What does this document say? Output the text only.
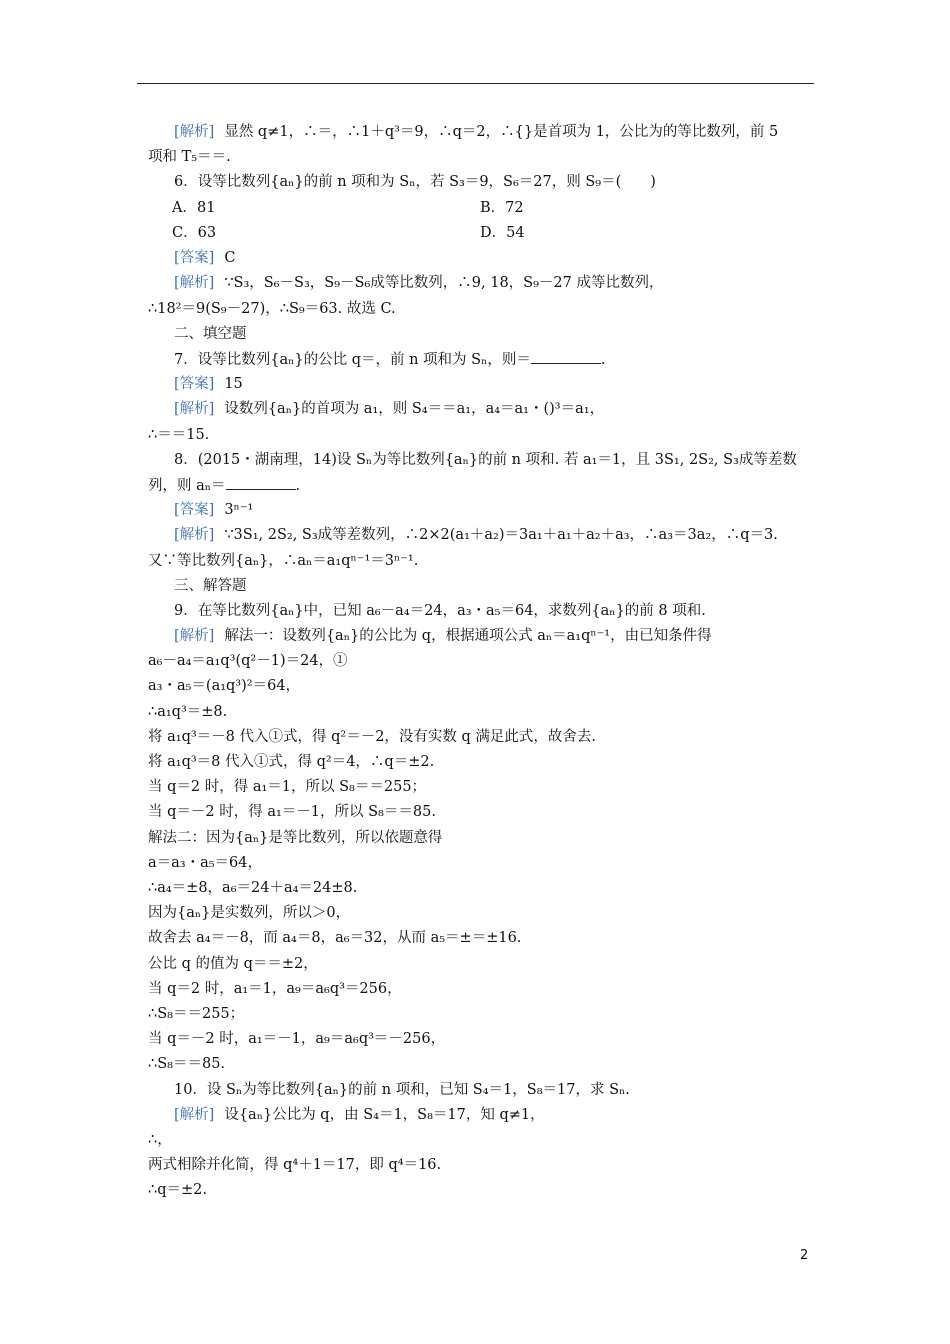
[解析] 显然 q≠1，∴＝，∴1＋q³＝9，∴q＝2，∴{}是首项为 1，公比为的等比数列，前 5
项和 T₅＝＝.
6．设等比数列{aₙ}的前 n 项和为 Sₙ，若 S₃＝9，S₆＝27，则 S₉＝(　　)
A．81	B．72
C．63	D．54
[答案] C
[解析] ∵S₃，S₆－S₃，S₉－S₆成等比数列，∴9, 18，S₉－27 成等比数列，
∴18²＝9(S₉－27)，∴S₉＝63. 故选 C.
二、填空题
7．设等比数列{aₙ}的公比 q＝，前 n 项和为 Sₙ，则＝	.
[答案] 15
[解析] 设数列{aₙ}的首项为 a₁，则 S₄＝＝a₁，a₄＝a₁・()³＝a₁，
∴＝＝15.
8．(2015・湖南理，14)设 Sₙ为等比数列{aₙ}的前 n 项和. 若 a₁＝1，且 3S₁, 2S₂, S₃成等差数
列，则 aₙ＝	.
[答案] 3ⁿ⁻¹
[解析] ∵3S₁, 2S₂, S₃成等差数列，∴2×2(a₁＋a₂)＝3a₁＋a₁＋a₂＋a₃，∴a₃＝3a₂，∴q＝3.
又∵等比数列{aₙ}，∴aₙ＝a₁qⁿ⁻¹＝3ⁿ⁻¹.
三、解答题
9．在等比数列{aₙ}中，已知 a₆－a₄＝24，a₃・a₅＝64，求数列{aₙ}的前 8 项和.
[解析] 解法一：设数列{aₙ}的公比为 q，根据通项公式 aₙ＝a₁qⁿ⁻¹，由已知条件得
a₆－a₄＝a₁q³(q²－1)＝24，①
a₃・a₅＝(a₁q³)²＝64，
∴a₁q³＝±8.
将 a₁q³＝－8 代入①式，得 q²＝－2，没有实数 q 满足此式，故舍去.
将 a₁q³＝8 代入①式，得 q²＝4，∴q＝±2.
当 q＝2 时，得 a₁＝1，所以 S₈＝＝255；
当 q＝－2 时，得 a₁＝－1，所以 S₈＝＝85.
解法二：因为{aₙ}是等比数列，所以依题意得
a＝a₃・a₅＝64，
∴a₄＝±8，a₆＝24＋a₄＝24±8.
因为{aₙ}是实数列，所以＞0，
故舍去 a₄＝－8，而 a₄＝8，a₆＝32，从而 a₅＝±＝±16.
公比 q 的值为 q＝＝±2，
当 q＝2 时，a₁＝1，a₉＝a₆q³＝256，
∴S₈＝＝255；
当 q＝－2 时，a₁＝－1，a₉＝a₆q³＝－256，
∴S₈＝＝85.
10．设 Sₙ为等比数列{aₙ}的前 n 项和，已知 S₄＝1，S₈＝17，求 Sₙ.
[解析] 设{aₙ}公比为 q，由 S₄＝1，S₈＝17，知 q≠1，
∴，
两式相除并化简，得 q⁴＋1＝17，即 q⁴＝16.
∴q＝±2.
2
